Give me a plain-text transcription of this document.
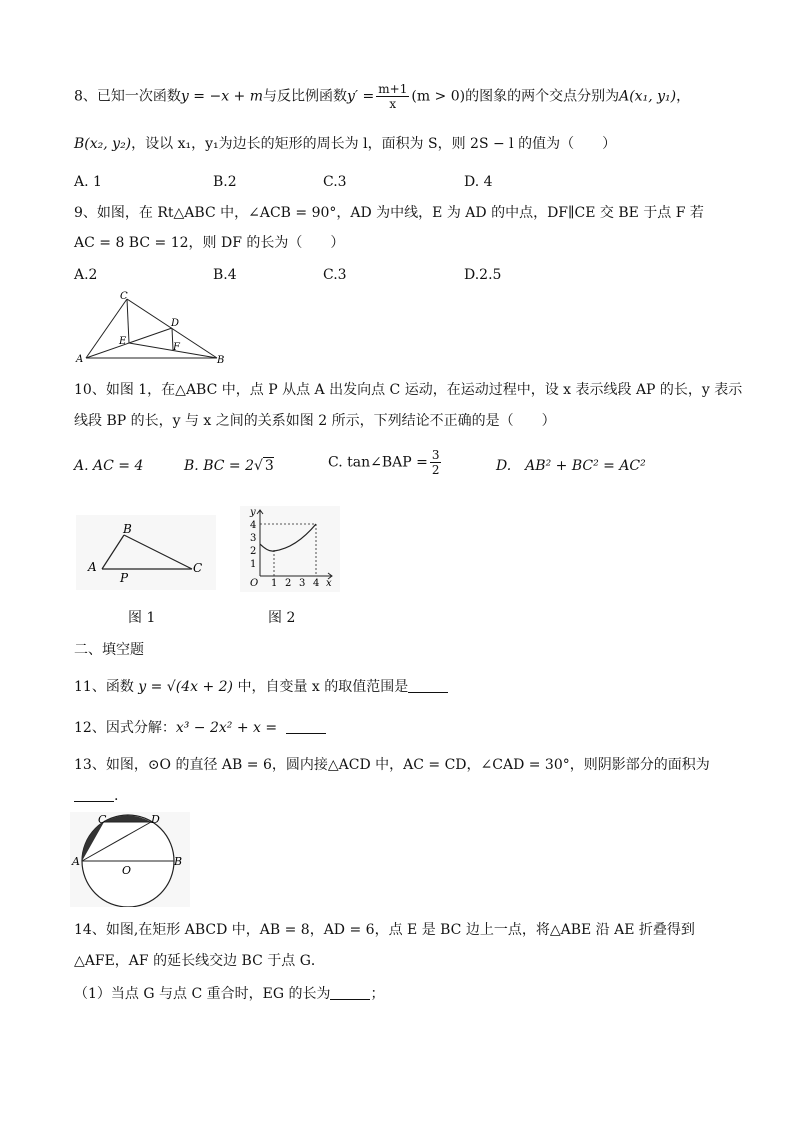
8、已知一次函数y = −x + m与反比例函数$y' = \frac{m+1}{x} (m > 0)$的图象的两个交点分别为A(x₁, y₁)，
B(x₂, y₂)，设以 x₁，y₁为边长的矩形的周长为 l，面积为 S，则 2S − l 的值为（　　）
A. 1	B.2	C.3	D. 4
9、如图，在 Rt△ABC 中，∠ACB = 90°，AD 为中线，E 为 AD 的中点，DF∥CE 交 BE 于点 F 若
AC = 8 BC = 12，则 DF 的长为（　　）
A.2	B.4	C.3	D.2.5
C
D
E
F
A	B
10、如图 1，在△ABC 中，点 P 从点 A 出发向点 C 运动，在运动过程中，设 x 表示线段 AP 的长，y 表示
线段 BP 的长，y 与 x 之间的关系如图 2 所示，下列结论不正确的是（　　）
A. AC = 4	B. BC = 2√ 3	C. tan∠BAP = $\frac{3}{2}$	D.　AB² + BC² = AC²
B
A
P
C
y
4
3
2
1
O 1 2 3 4 x
图 1	图 2
二、填空题
11、函数 y = √(4x + 2) 中，自变量 x 的取值范围是
12、因式分解：x³ − 2x² + x =
13、如图，⊙O 的直径 AB = 6，圆内接△ACD 中，AC = CD，∠CAD = 30°，则阴影部分的面积为
.
C	D
A
O
B
14、如图,在矩形 ABCD 中，AB = 8，AD = 6，点 E 是 BC 边上一点，将△ABE 沿 AE 折叠得到
△AFE，AF 的延长线交边 BC 于点 G．
（1）当点 G 与点 C 重合时，EG 的长为	；
